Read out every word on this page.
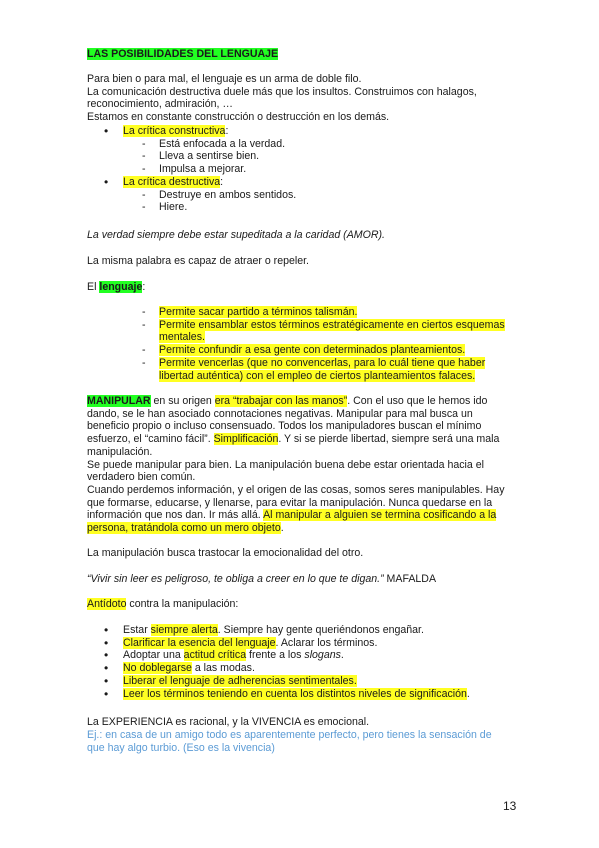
LAS POSIBILIDADES DEL LENGUAJE

Para bien o para mal, el lenguaje es un arma de doble filo.

La comunicación destructiva duele más que los insultos. Construimos con halagos, reconocimiento, admiración, …

Estamos en constante construcción o destrucción en los demás.

• La crítica constructiva:
- Está enfocada a la verdad.
- Lleva a sentirse bien.
- Impulsa a mejorar.
• La crítica destructiva:
- Destruye en ambos sentidos.
- Hiere.
La verdad siempre debe estar supeditada a la caridad (AMOR).
La misma palabra es capaz de atraer o repeler.
El lenguaje:
- Permite sacar partido a términos talismán.
- Permite ensamblar estos términos estratégicamente en ciertos esquemas mentales.
- Permite confundir a esa gente con determinados planteamientos.
- Permite vencerlas (que no convencerlas, para lo cuál tiene que haber libertad auténtica) con el empleo de ciertos planteamientos falaces.

MANIPULAR en su origen era “trabajar con las manos”. Con el uso que le hemos ido dando, se le han asociado connotaciones negativas. Manipular para mal busca un beneficio propio o incluso consensuado. Todos los manipuladores buscan el mínimo esfuerzo, el “camino fácil”. Simplificación. Y si se pierde libertad, siempre será una mala manipulación.

Se puede manipular para bien. La manipulación buena debe estar orientada hacia el verdadero bien común.

Cuando perdemos información, y el origen de las cosas, somos seres manipulables. Hay que formarse, educarse, y llenarse, para evitar la manipulación. Nunca quedarse en la información que nos dan. Ir más allá. Al manipular a alguien se termina cosificando a la persona, tratándola como un mero objeto.

La manipulación busca trastocar la emocionalidad del otro.
“Vivir sin leer es peligroso, te obliga a creer en lo que te digan.” MAFALDA
Antídoto contra la manipulación:
• Estar siempre alerta. Siempre hay gente queriéndonos engañar.
• Clarificar la esencia del lenguaje. Aclarar los términos.
• Adoptar una actitud crítica frente a los slogans.
• No doblegarse a las modas.
• Liberar el lenguaje de adherencias sentimentales.
• Leer los términos teniendo en cuenta los distintos niveles de significación.
La EXPERIENCIA es racional, y la VIVENCIA es emocional.
Ej.: en casa de un amigo todo es aparentemente perfecto, pero tienes la sensación de que hay algo turbio. (Eso es la vivencia)
13
